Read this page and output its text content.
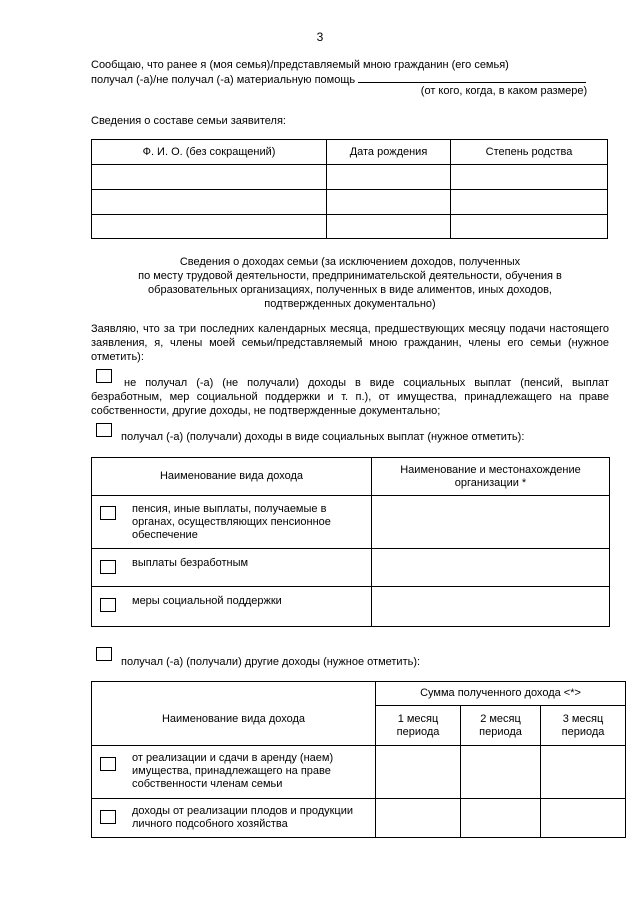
3
Сообщаю, что ранее я (моя семья)/представляемый мною гражданин (его семья)
получал (-а)/не получал (-а) материальную помощь
(от кого, когда, в каком размере)
Сведения о составе семьи заявителя:
Ф. И. О. (без сокращений)	Дата рождения	Степень родства

Сведения о доходах семьи (за исключением доходов, полученных
по месту трудовой деятельности, предпринимательской деятельности, обучения в
образовательных организациях, полученных в виде алиментов, иных доходов,
подтвержденных документально)
Заявляю, что за три последних календарных месяца, предшествующих месяцу подачи настоящего заявления, я, члены моей семьи/представляемый мною гражданин, члены его семьи (нужное отметить):
не получал (-а) (не получали) доходы в виде социальных выплат (пенсий, выплат безработным, мер социальной поддержки и т. п.), от имущества, принадлежащего на праве собственности, другие доходы, не подтвержденные документально;
получал (-а) (получали) доходы в виде социальных выплат (нужное отметить):
Наименование вида дохода	Наименование и местонахождение организации *

пенсия, иные выплаты, получаемые в органах, осуществляющих пенсионное обеспечение	

выплаты безработным	

меры социальной поддержки	

получал (-а) (получали) другие доходы (нужное отметить):
Наименование вида дохода	Сумма полученного дохода <*>		
	1 месяц периода	2 месяц периода	3 месяц периода

от реализации и сдачи в аренду (наем) имущества, принадлежащего на праве собственности членам семьи			

доходы от реализации плодов и продукции личного подсобного хозяйства			
